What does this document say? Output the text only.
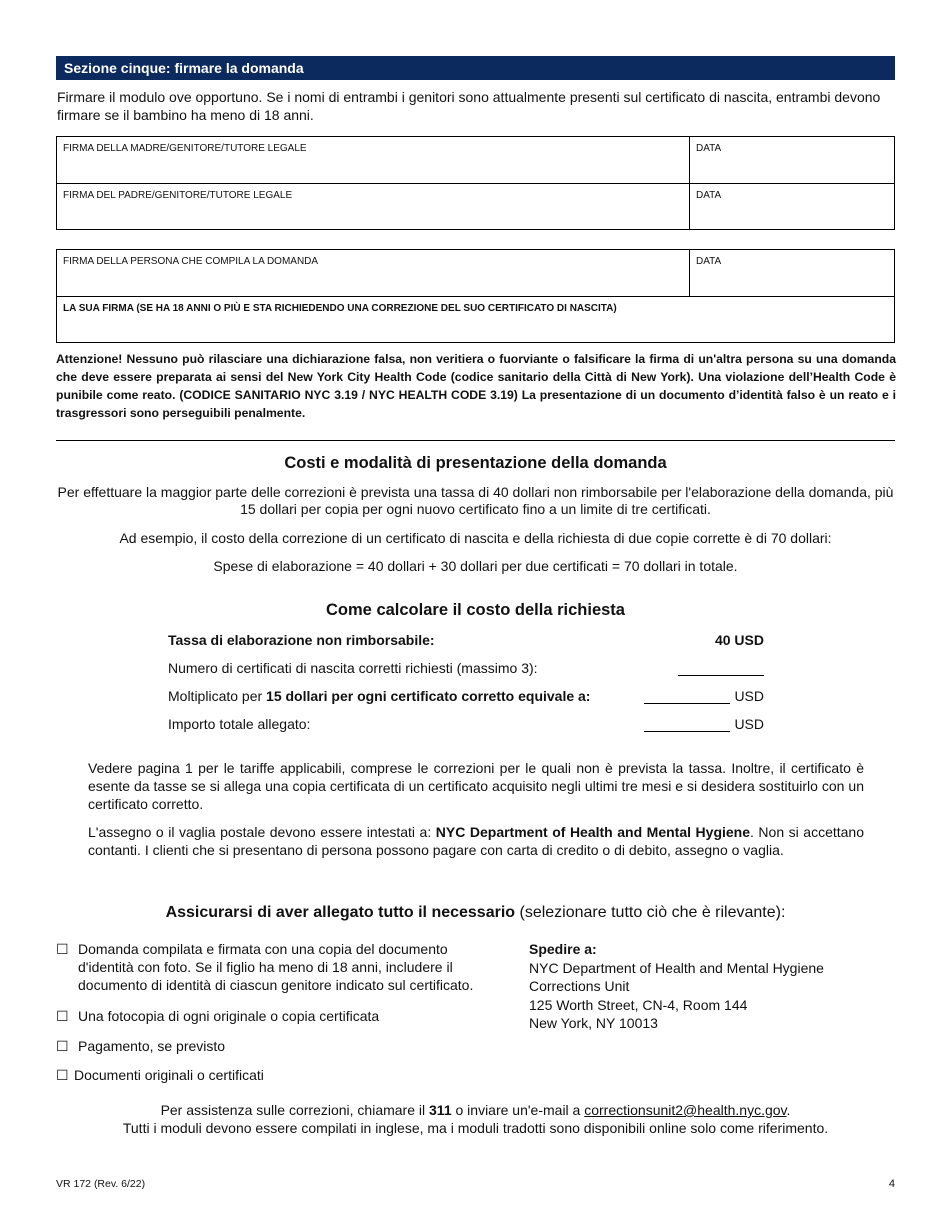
Sezione cinque: firmare la domanda
Firmare il modulo ove opportuno. Se i nomi di entrambi i genitori sono attualmente presenti sul certificato di nascita, entrambi devono firmare se il bambino ha meno di 18 anni.
FIRMA DELLA MADRE/GENITORE/TUTORE LEGALE	DATA
FIRMA DEL PADRE/GENITORE/TUTORE LEGALE	DATA
FIRMA DELLA PERSONA CHE COMPILA LA DOMANDA	DATA
LA SUA FIRMA (SE HA 18 ANNI O PIÙ E STA RICHIEDENDO UNA CORREZIONE DEL SUO CERTIFICATO DI NASCITA)
Attenzione! Nessuno può rilasciare una dichiarazione falsa, non veritiera o fuorviante o falsificare la firma di un'altra persona su una domanda che deve essere preparata ai sensi del New York City Health Code (codice sanitario della Città di New York). Una violazione dell’Health Code è punibile come reato. (CODICE SANITARIO NYC 3.19 / NYC HEALTH CODE 3.19) La presentazione di un documento d’identità falso è un reato e i trasgressori sono perseguibili penalmente.
Costi e modalità di presentazione della domanda
Per effettuare la maggior parte delle correzioni è prevista una tassa di 40 dollari non rimborsabile per l'elaborazione della domanda, più 15 dollari per copia per ogni nuovo certificato fino a un limite di tre certificati.
Ad esempio, il costo della correzione di un certificato di nascita e della richiesta di due copie corrette è di 70 dollari:
Spese di elaborazione = 40 dollari + 30 dollari per due certificati = 70 dollari in totale.
Come calcolare il costo della richiesta
Tassa di elaborazione non rimborsabile:	40 USD
Numero di certificati di nascita corretti richiesti (massimo 3):
Moltiplicato per 15 dollari per ogni certificato corretto equivale a:	USD
Importo totale allegato:	USD
Vedere pagina 1 per le tariffe applicabili, comprese le correzioni per le quali non è prevista la tassa. Inoltre, il certificato è esente da tasse se si allega una copia certificata di un certificato acquisito negli ultimi tre mesi e si desidera sostituirlo con un certificato corretto.
L'assegno o il vaglia postale devono essere intestati a: NYC Department of Health and Mental Hygiene. Non si accettano contanti. I clienti che si presentano di persona possono pagare con carta di credito o di debito, assegno o vaglia.
Assicurarsi di aver allegato tutto il necessario (selezionare tutto ciò che è rilevante):
☐ Domanda compilata e firmata con una copia del documento d'identità con foto. Se il figlio ha meno di 18 anni, includere il documento di identità di ciascun genitore indicato sul certificato.
☐ Una fotocopia di ogni originale o copia certificata
☐ Pagamento, se previsto
☐ Documenti originali o certificati
Spedire a:
NYC Department of Health and Mental Hygiene
Corrections Unit
125 Worth Street, CN-4, Room 144
New York, NY 10013
Per assistenza sulle correzioni, chiamare il 311 o inviare un'e-mail a correctionsunit2@health.nyc.gov.
Tutti i moduli devono essere compilati in inglese, ma i moduli tradotti sono disponibili online solo come riferimento.
VR 172 (Rev. 6/22)	4
